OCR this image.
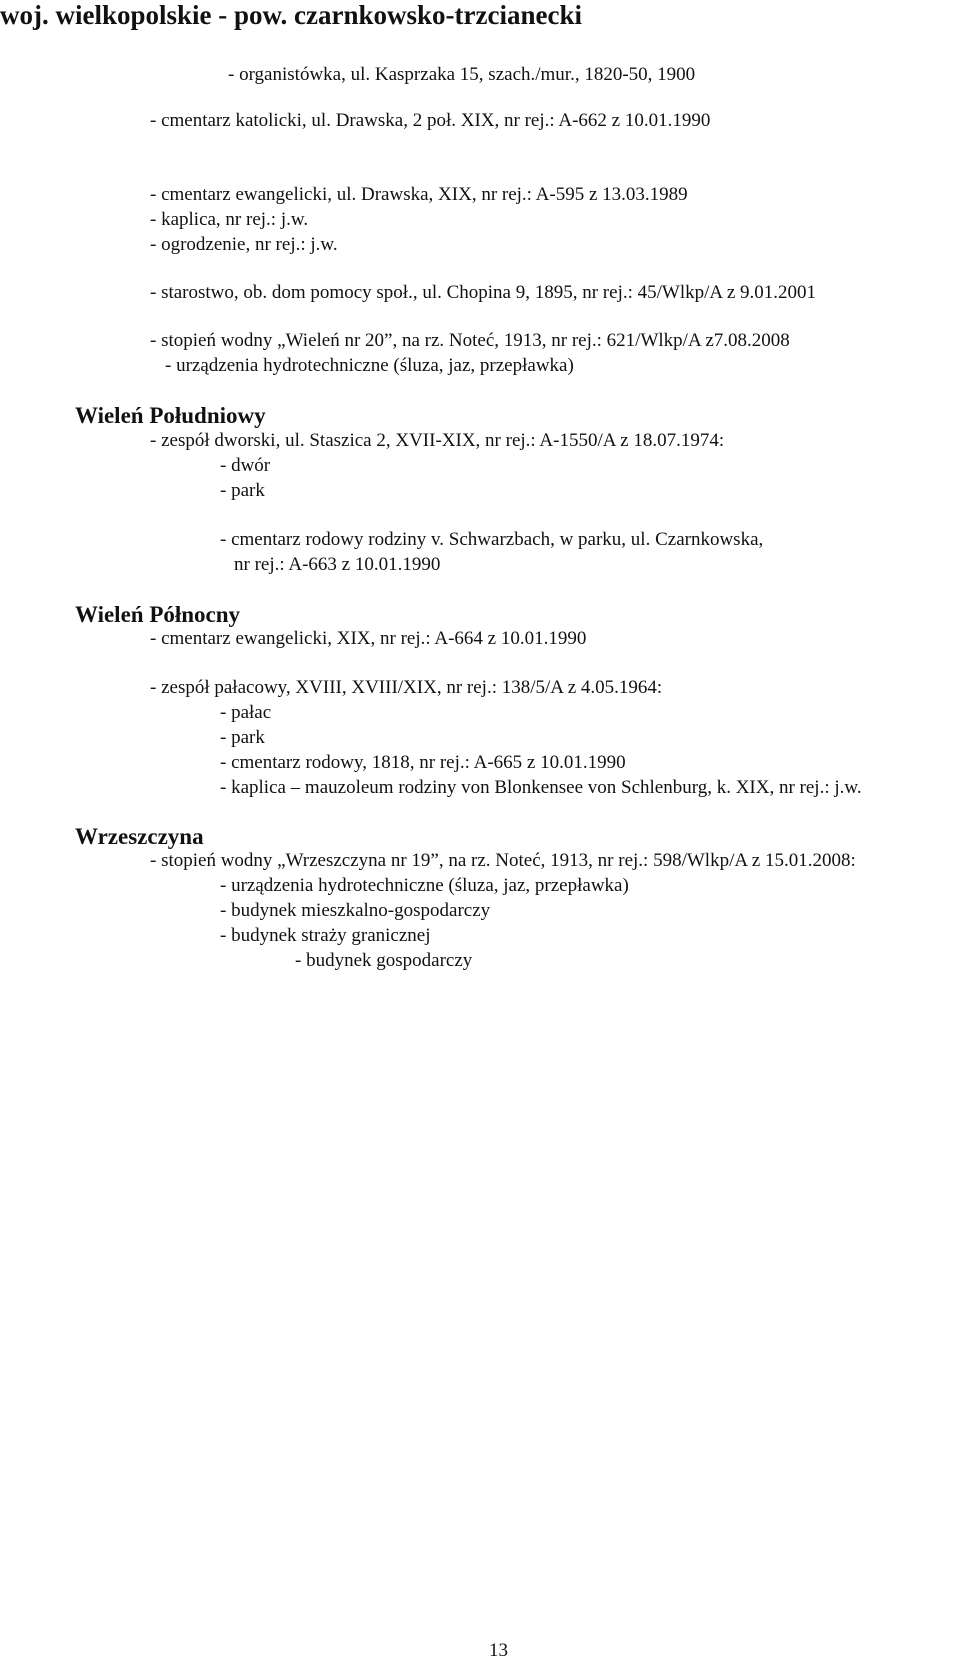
woj. wielkopolskie - pow. czarnkowsko-trzcianecki

- organistówka, ul. Kasprzaka 15, szach./mur., 1820-50, 1900

- cmentarz katolicki, ul. Drawska, 2 poł. XIX, nr rej.: A-662 z 10.01.1990

- cmentarz ewangelicki, ul. Drawska, XIX, nr rej.: A-595 z 13.03.1989

- kaplica, nr rej.: j.w.

- ogrodzenie, nr rej.: j.w.

- starostwo, ob. dom pomocy społ., ul. Chopina 9, 1895, nr rej.: 45/Wlkp/A z 9.01.2001

- stopień wodny „Wieleń nr 20”, na rz. Noteć, 1913, nr rej.: 621/Wlkp/A z7.08.2008

- urządzenia hydrotechniczne (śluza, jaz, przepławka)

Wieleń Południowy

- zespół dworski, ul. Staszica 2, XVII-XIX, nr rej.: A-1550/A z 18.07.1974:

- dwór

- park

- cmentarz rodowy rodziny v. Schwarzbach, w parku, ul. Czarnkowska,

nr rej.: A-663 z 10.01.1990

Wieleń Północny

- cmentarz ewangelicki, XIX, nr rej.: A-664 z 10.01.1990

- zespół pałacowy, XVIII, XVIII/XIX, nr rej.: 138/5/A z 4.05.1964:

- pałac

- park

- cmentarz rodowy, 1818, nr rej.: A-665 z 10.01.1990

- kaplica – mauzoleum rodziny von Blonkensee von Schlenburg, k. XIX, nr rej.: j.w.

Wrzeszczyna

- stopień wodny „Wrzeszczyna nr 19”, na rz. Noteć, 1913, nr rej.: 598/Wlkp/A z 15.01.2008:

- urządzenia hydrotechniczne (śluza, jaz, przepławka)

- budynek mieszkalno-gospodarczy

- budynek straży granicznej

- budynek gospodarczy

13
